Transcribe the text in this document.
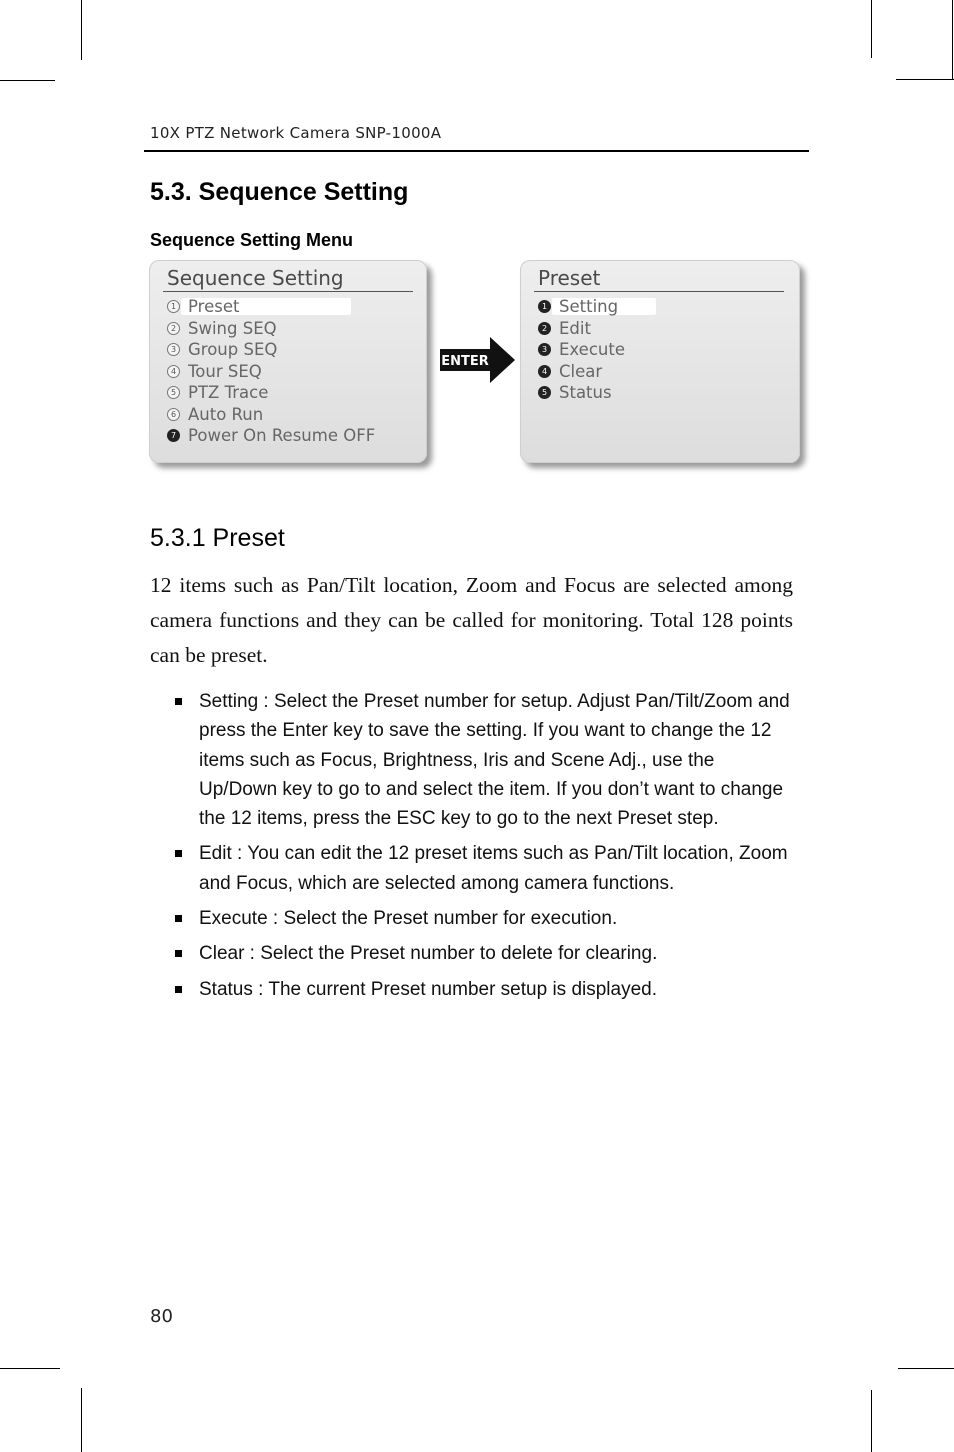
10X PTZ Network Camera SNP-1000A
5.3. Sequence Setting
Sequence Setting Menu
Sequence Setting
1 Preset
2 Swing SEQ
3 Group SEQ
4 Tour SEQ
5 PTZ Trace
6 Auto Run
7 Power On Resume OFF
ENTER
Preset
1 Setting
2 Edit
3 Execute
4 Clear
5 Status
5.3.1 Preset

12 items such as Pan/Tilt location, Zoom and Focus are selected among camera functions and they can be called for monitoring. Total 128 points can be preset.

Setting : Select the Preset number for setup. Adjust Pan/Tilt/Zoom and press the Enter key to save the setting. If you want to change the 12 items such as Focus, Brightness, Iris and Scene Adj., use the Up/Down key to go to and select the item. If you don’t want to change the 12 items, press the ESC key to go to the next Preset step.
Edit : You can edit the 12 preset items such as Pan/Tilt location, Zoom and Focus, which are selected among camera functions.
Execute : Select the Preset number for execution.
Clear : Select the Preset number to delete for clearing.
Status : The current Preset number setup is displayed.
80
